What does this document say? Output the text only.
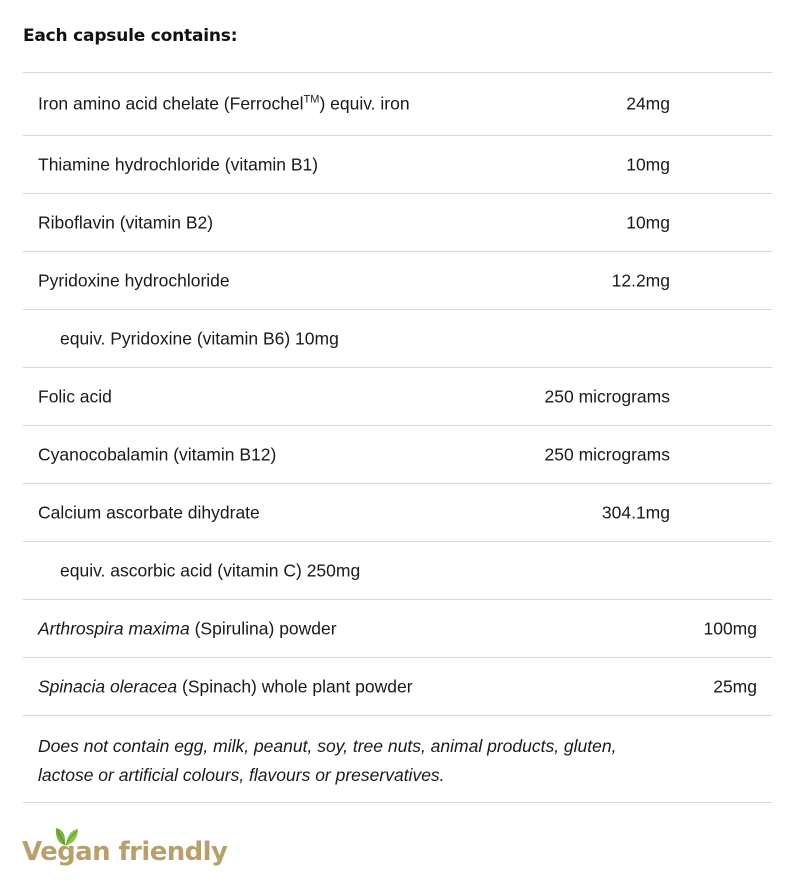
Each capsule contains:
Iron amino acid chelate (Ferrochel™) equiv. iron	24mg
Thiamine hydrochloride (vitamin B1)	10mg
Riboflavin (vitamin B2)	10mg
Pyridoxine hydrochloride	12.2mg
equiv. Pyridoxine (vitamin B6) 10mg
Folic acid	250 micrograms
Cyanocobalamin (vitamin B12)	250 micrograms
Calcium ascorbate dihydrate	304.1mg
equiv. ascorbic acid (vitamin C) 250mg
Arthrospira maxima (Spirulina) powder	100mg
Spinacia oleracea (Spinach) whole plant powder	25mg
Does not contain egg, milk, peanut, soy, tree nuts, animal products, gluten,
lactose or artificial colours, flavours or preservatives.
Vegan friendly
